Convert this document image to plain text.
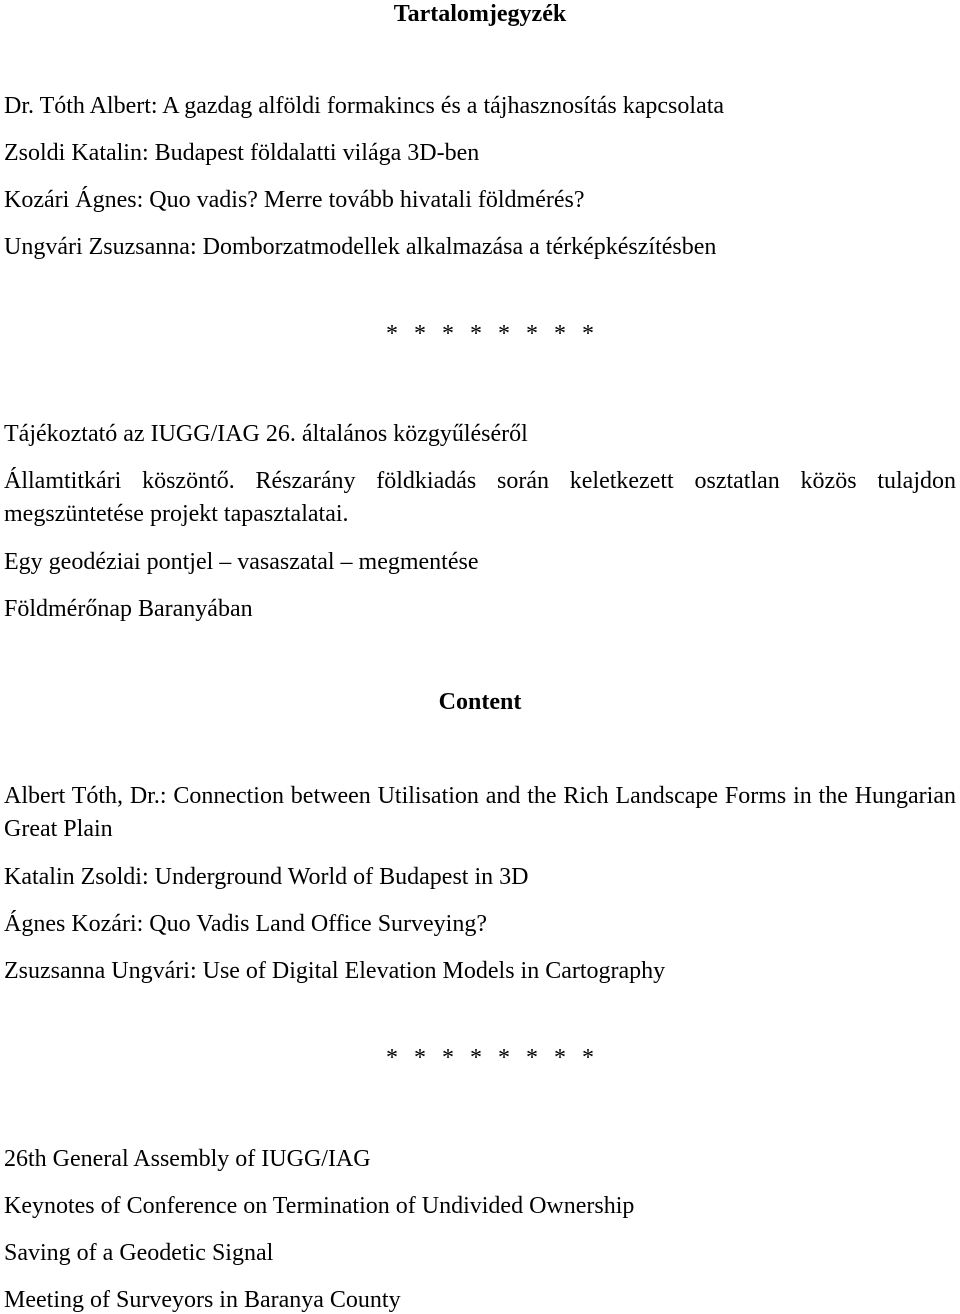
Tartalomjegyzék
Dr. Tóth Albert: A gazdag alföldi formakincs és a tájhasznosítás kapcsolata
Zsoldi Katalin: Budapest földalatti világa 3D-ben
Kozári Ágnes: Quo vadis? Merre tovább hivatali földmérés?
Ungvári Zsuzsanna: Domborzatmodellek alkalmazása a térképkészítésben
* * * * * * * *
Tájékoztató az IUGG/IAG 26. általános közgyűléséről
Államtitkári köszöntő. Részarány földkiadás során keletkezett osztatlan közös tulajdon megszüntetése projekt tapasztalatai.
Egy geodéziai pontjel – vasaszatal – megmentése
Földmérőnap Baranyában
Content
Albert Tóth, Dr.: Connection between Utilisation and the Rich Landscape Forms in the Hungarian Great Plain
Katalin Zsoldi: Underground World of Budapest in 3D
Ágnes Kozári: Quo Vadis Land Office Surveying?
Zsuzsanna Ungvári: Use of Digital Elevation Models in Cartography
* * * * * * * *
26th General Assembly of IUGG/IAG
Keynotes of Conference on Termination of Undivided Ownership
Saving of a Geodetic Signal
Meeting of Surveyors in Baranya County
